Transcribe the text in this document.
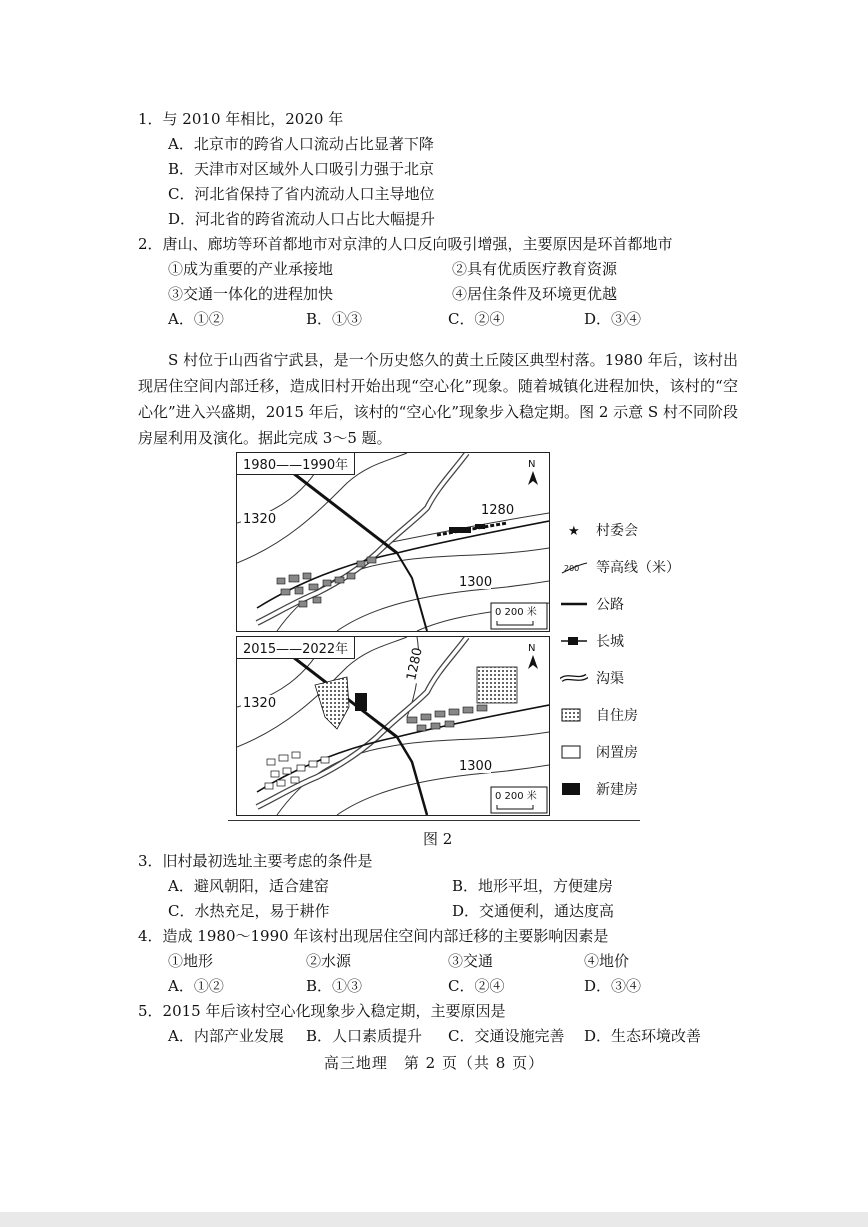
1．与 2010 年相比，2020 年
A．北京市的跨省人口流动占比显著下降
B．天津市对区域外人口吸引力强于北京
C．河北省保持了省内流动人口主导地位
D．河北省的跨省流动人口占比大幅提升
2．唐山、廊坊等环首都地市对京津的人口反向吸引增强，主要原因是环首都地市
①成为重要的产业承接地	②具有优质医疗教育资源
③交通一体化的进程加快	④居住条件及环境更优越
A．①②	B．①③	C．②④	D．③④
S 村位于山西省宁武县，是一个历史悠久的黄土丘陵区典型村落。1980 年后，该村出现居住空间内部迁移，造成旧村开始出现“空心化”现象。随着城镇化进程加快，该村的“空心化”进入兴盛期，2015 年后，该村的“空心化”现象步入稳定期。图 2 示意 S 村不同阶段房屋利用及演化。据此完成 3～5 题。
1320
1280
1300
N
0 200 米
1980——1990年
1320
1280
1300
N
0 200 米
2015——2022年
★ 村委会
200 等高线（米）
公路
长城
沟渠
自住房
闲置房
新建房
图 2
3．旧村最初选址主要考虑的条件是
A．避风朝阳，适合建窑	B．地形平坦，方便建房
C．水热充足，易于耕作	D．交通便利，通达度高
4．造成 1980～1990 年该村出现居住空间内部迁移的主要影响因素是
①地形	②水源	③交通	④地价
A．①②	B．①③	C．②④	D．③④
5．2015 年后该村空心化现象步入稳定期，主要原因是
A．内部产业发展 B．人口素质提升 C．交通设施完善 D．生态环境改善
高三地理　第 2 页（共 8 页）
